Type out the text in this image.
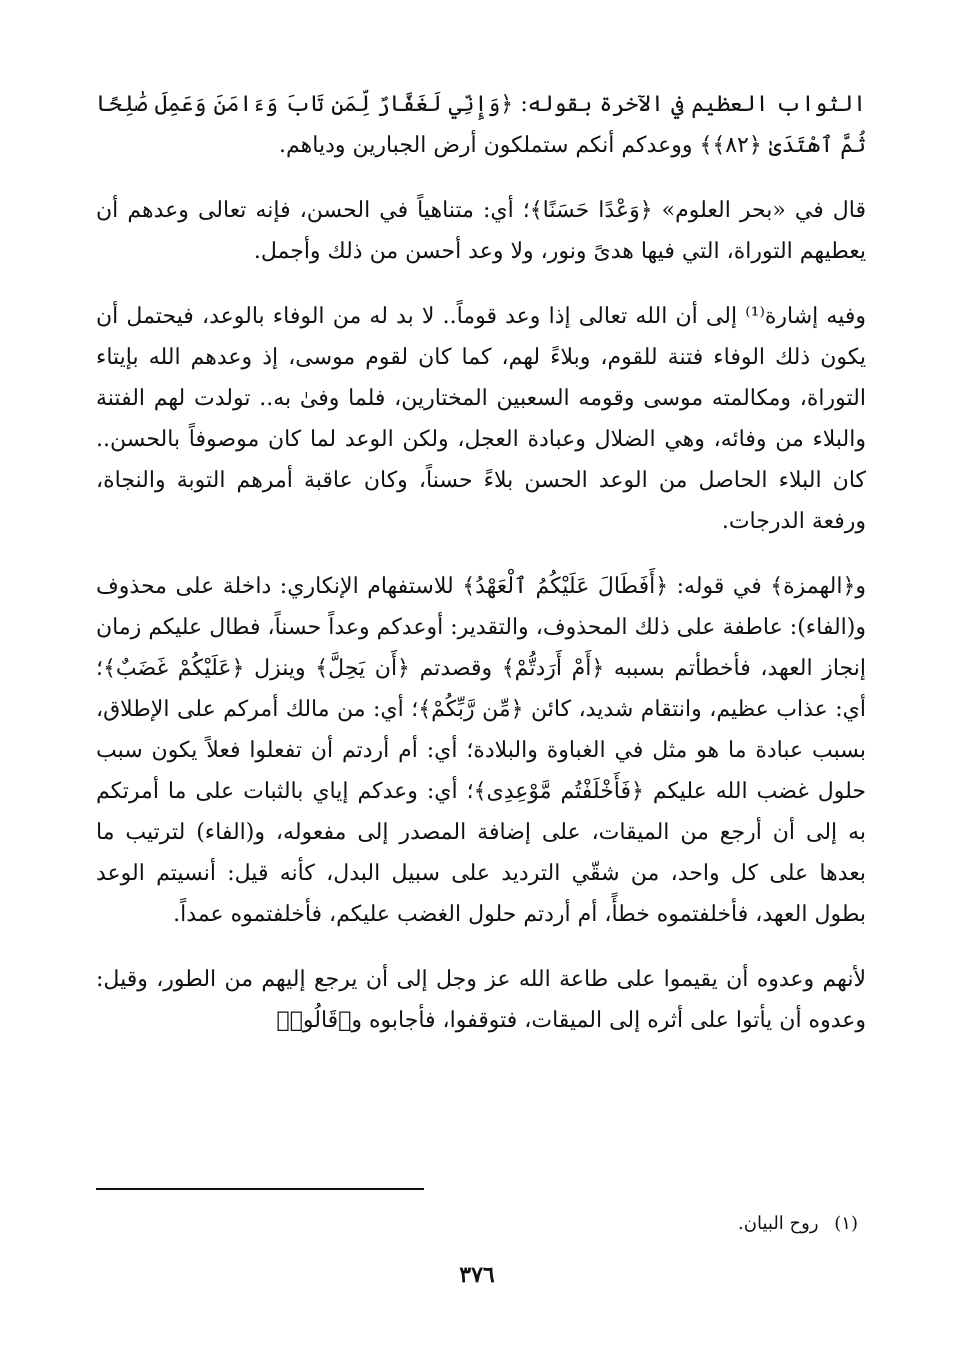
الثواب العظيم في الآخرة بقوله: ﴿وَإِنِّي لَغَفَّارٌ لِّمَن تَابَ وَءَامَنَ وَعَمِلَ صَٰلِحًا ثُمَّ ٱهْتَدَىٰ ﴿٨٢﴾﴾ ووعدكم أنكم ستملكون أرض الجبارين ودياهم.

قال في «بحر العلوم» ﴿وَعْدًا حَسَنًا﴾؛ أي: متناهياً في الحسن، فإنه تعالى وعدهم أن يعطيهم التوراة، التي فيها هدىً ونور، ولا وعد أحسن من ذلك وأجمل.

وفيه إشارة⁽¹⁾ إلى أن الله تعالى إذا وعد قوماً.. لا بد له من الوفاء بالوعد، فيحتمل أن يكون ذلك الوفاء فتنة للقوم، وبلاءً لهم، كما كان لقوم موسى، إذ وعدهم الله بإيتاء التوراة، ومكالمته موسى وقومه السعبين المختارين، فلما وفىٰ به.. تولدت لهم الفتنة والبلاء من وفائه، وهي الضلال وعبادة العجل، ولكن الوعد لما كان موصوفاً بالحسن.. كان البلاء الحاصل من الوعد الحسن بلاءً حسناً، وكان عاقبة أمرهم التوبة والنجاة، ورفعة الدرجات.

و﴿الهمزة﴾ في قوله: ﴿أَفَطَالَ عَلَيْكُمُ ٱلْعَهْدُ﴾ للاستفهام الإنكاري: داخلة على محذوف و(الفاء): عاطفة على ذلك المحذوف، والتقدير: أوعدكم وعداً حسناً، فطال عليكم زمان إنجاز العهد، فأخطأتم بسببه ﴿أَمْ أَرَدتُّمْ﴾ وقصدتم ﴿أَن يَحِلَّ﴾ وينزل ﴿عَلَيْكُمْ غَضَبٌ﴾؛ أي: عذاب عظيم، وانتقام شديد، كائن ﴿مِّن رَّبِّكُمْ﴾؛ أي: من مالك أمركم على الإطلاق، بسبب عبادة ما هو مثل في الغباوة والبلادة؛ أي: أم أردتم أن تفعلوا فعلاً يكون سبب حلول غضب الله عليكم ﴿فَأَخْلَفْتُم مَّوْعِدِى﴾؛ أي: وعدكم إياي بالثبات على ما أمرتكم به إلى أن أرجع من الميقات، على إضافة المصدر إلى مفعوله، و(الفاء) لترتيب ما بعدها على كل واحد، من شقّي الترديد على سبيل البدل، كأنه قيل: أنسيتم الوعد بطول العهد، فأخلفتموه خطأً، أم أردتم حلول الغضب عليكم، فأخلفتموه عمداً.

لأنهم وعدوه أن يقيموا على طاعة الله عز وجل إلى أن يرجع إليهم من الطور، وقيل: وعدوه أن يأتوا على أثره إلى الميقات، فتوقفوا، فأجابوه و﴿قَالُوا۟

(١) روح البيان.
٣٧٦
